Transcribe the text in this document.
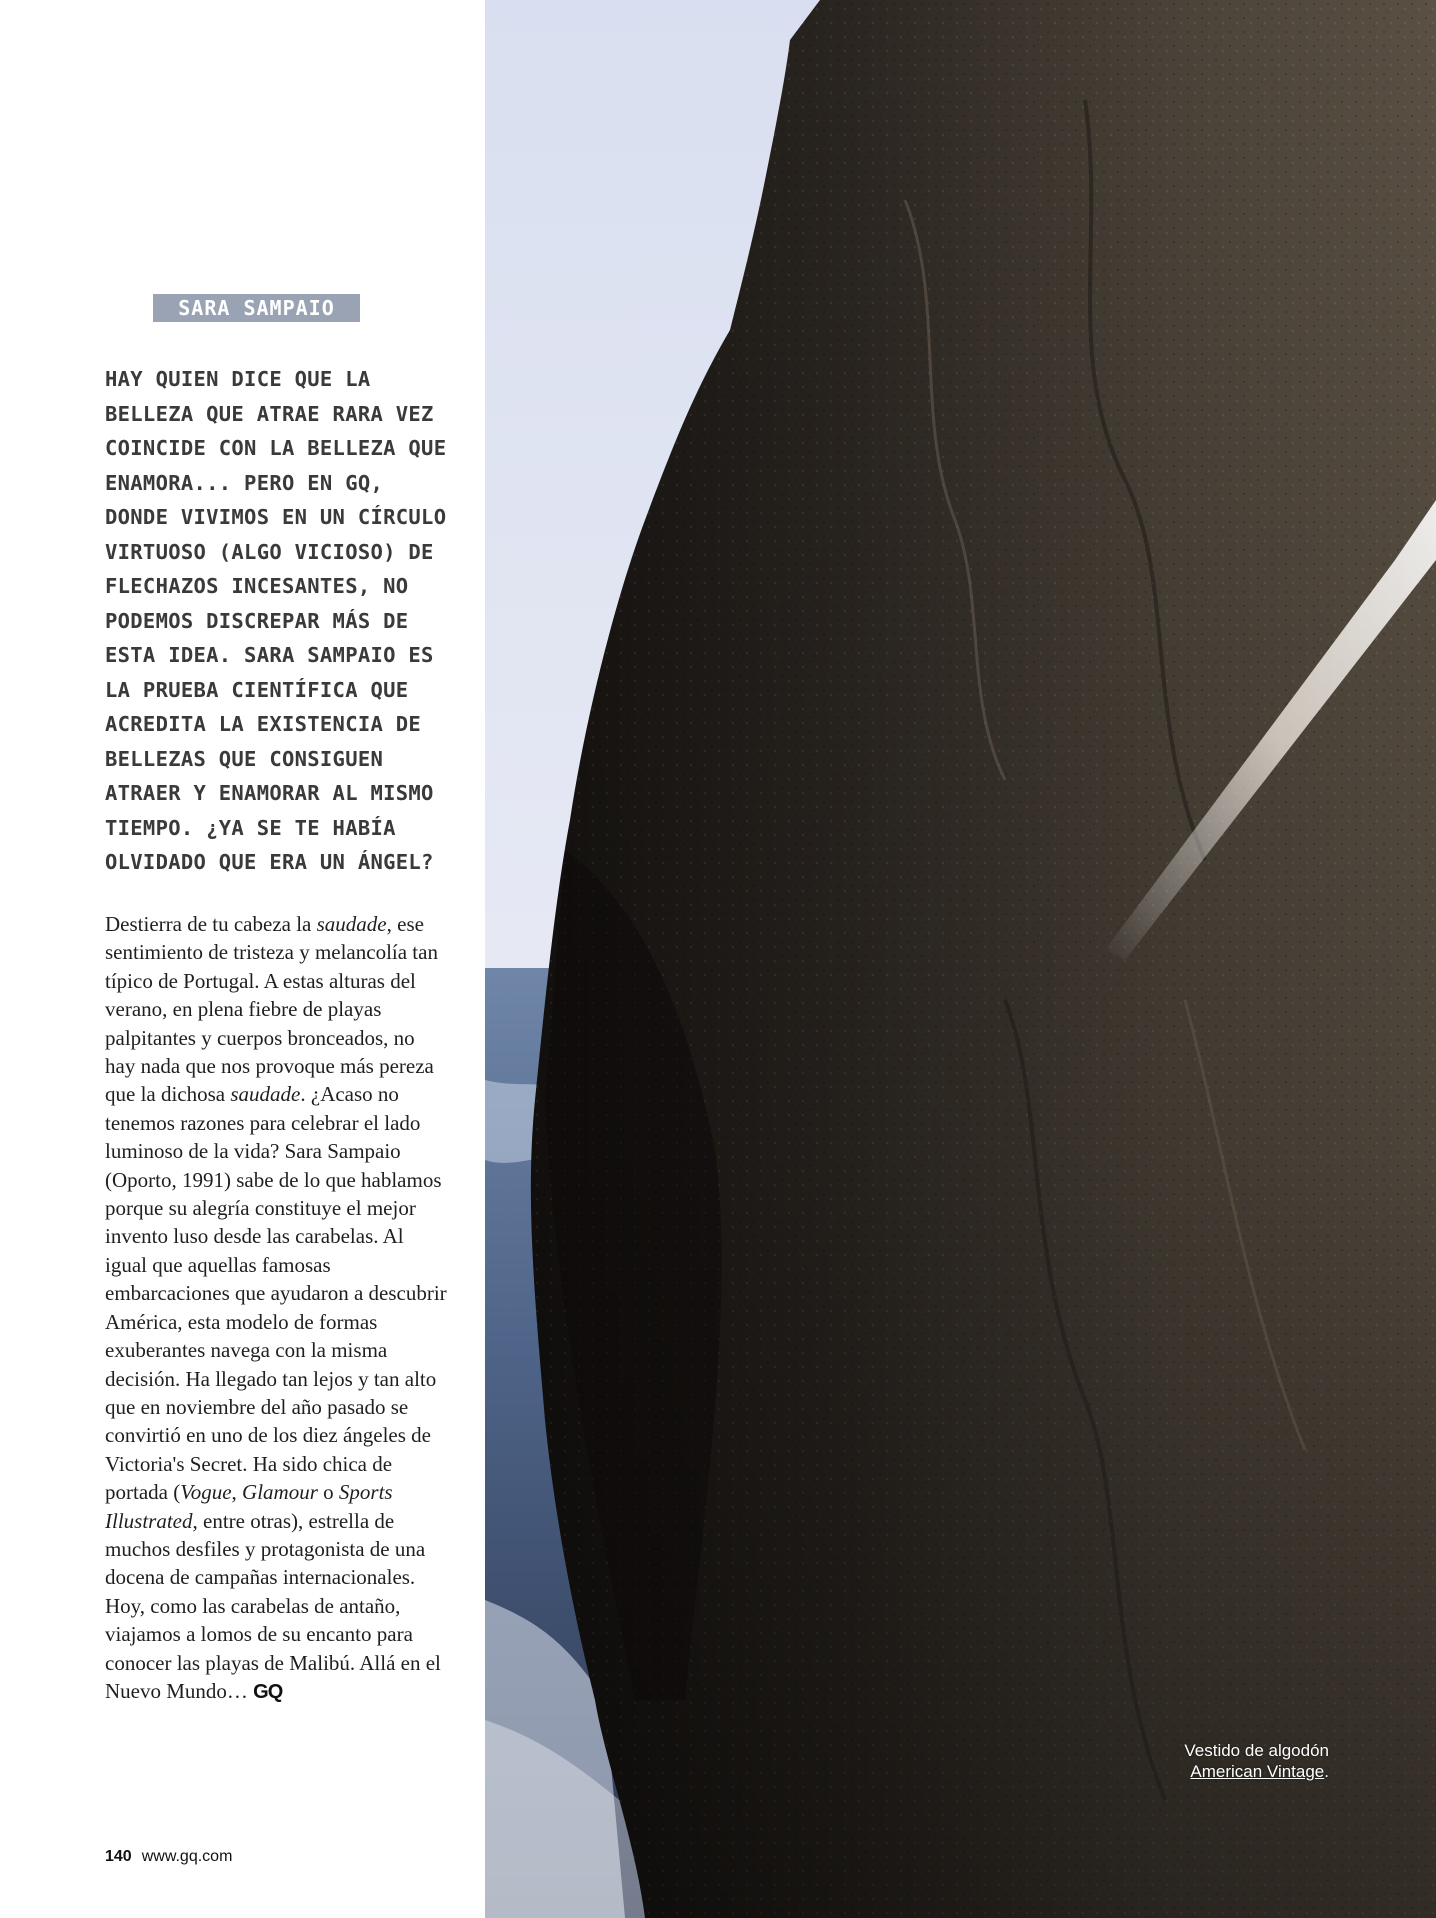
SARA SAMPAIO

HAY QUIEN DICE QUE LA BELLEZA QUE ATRAE RARA VEZ COINCIDE CON LA BELLEZA QUE ENAMORA... PERO EN GQ, DONDE VIVIMOS EN UN CÍRCULO VIRTUOSO (ALGO VICIOSO) DE FLECHAZOS INCESANTES, NO PODEMOS DISCREPAR MÁS DE ESTA IDEA. SARA SAMPAIO ES LA PRUEBA CIENTÍFICA QUE ACREDITA LA EXISTENCIA DE BELLEZAS QUE CONSIGUEN ATRAER Y ENAMORAR AL MISMO TIEMPO. ¿YA SE TE HABÍA OLVIDADO QUE ERA UN ÁNGEL?

Destierra de tu cabeza la saudade, ese sentimiento de tristeza y melancolía tan típico de Portugal. A estas alturas del verano, en plena fiebre de playas palpitantes y cuerpos bronceados, no hay nada que nos provoque más pereza que la dichosa saudade. ¿Acaso no tenemos razones para celebrar el lado luminoso de la vida? Sara Sampaio (Oporto, 1991) sabe de lo que hablamos porque su alegría constituye el mejor invento luso desde las carabelas. Al igual que aquellas famosas embarcaciones que ayudaron a descubrir América, esta modelo de formas exuberantes navega con la misma decisión. Ha llegado tan lejos y tan alto que en noviembre del año pasado se convirtió en uno de los diez ángeles de Victoria's Secret. Ha sido chica de portada (Vogue, Glamour o Sports Illustrated, entre otras), estrella de muchos desfiles y protagonista de una docena de campañas internacionales. Hoy, como las carabelas de antaño, viajamos a lomos de su encanto para conocer las playas de Malibú. Allá en el Nuevo Mundo… GQ

140 www.gq.com
Vestido de algodón
American Vintage.
